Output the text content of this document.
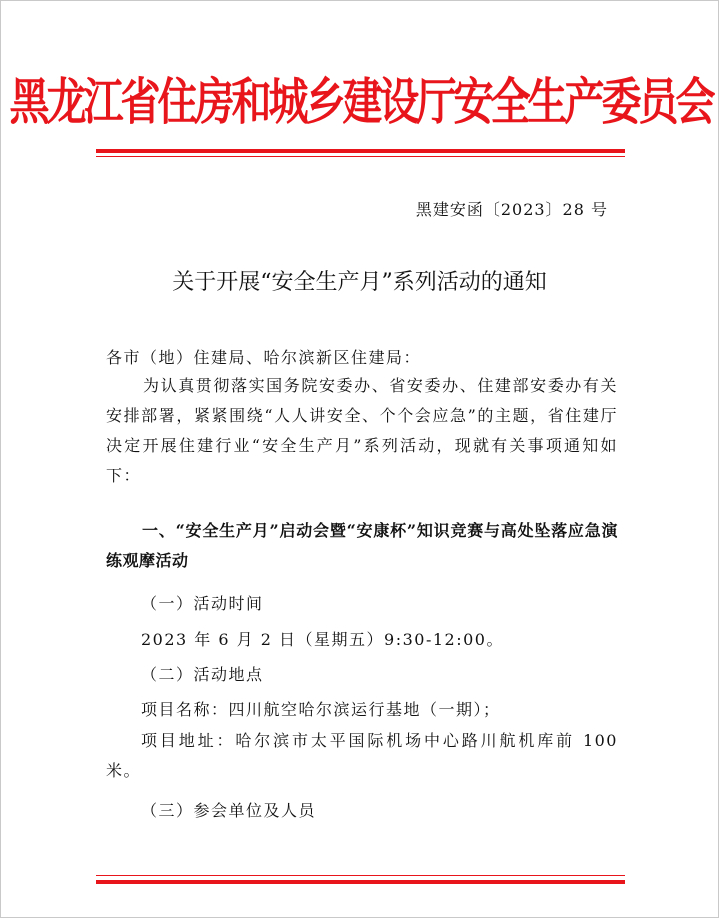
黑龙江省住房和城乡建设厅安全生产委员会
黑建安函〔2023〕28 号
关于开展“安全生产月”系列活动的通知
各市（地）住建局、哈尔滨新区住建局：
为认真贯彻落实国务院安委办、省安委办、住建部安委办有关安排部署，紧紧围绕“人人讲安全、个个会应急”的主题，省住建厅决定开展住建行业“安全生产月”系列活动，现就有关事项通知如下：
一、“安全生产月”启动会暨“安康杯”知识竞赛与高处坠落应急演练观摩活动
（一）活动时间
2023 年 6 月 2 日（星期五）9:30-12:00。
（二）活动地点
项目名称：四川航空哈尔滨运行基地（一期）；
项目地址：哈尔滨市太平国际机场中心路川航机库前 100 米。
（三）参会单位及人员
